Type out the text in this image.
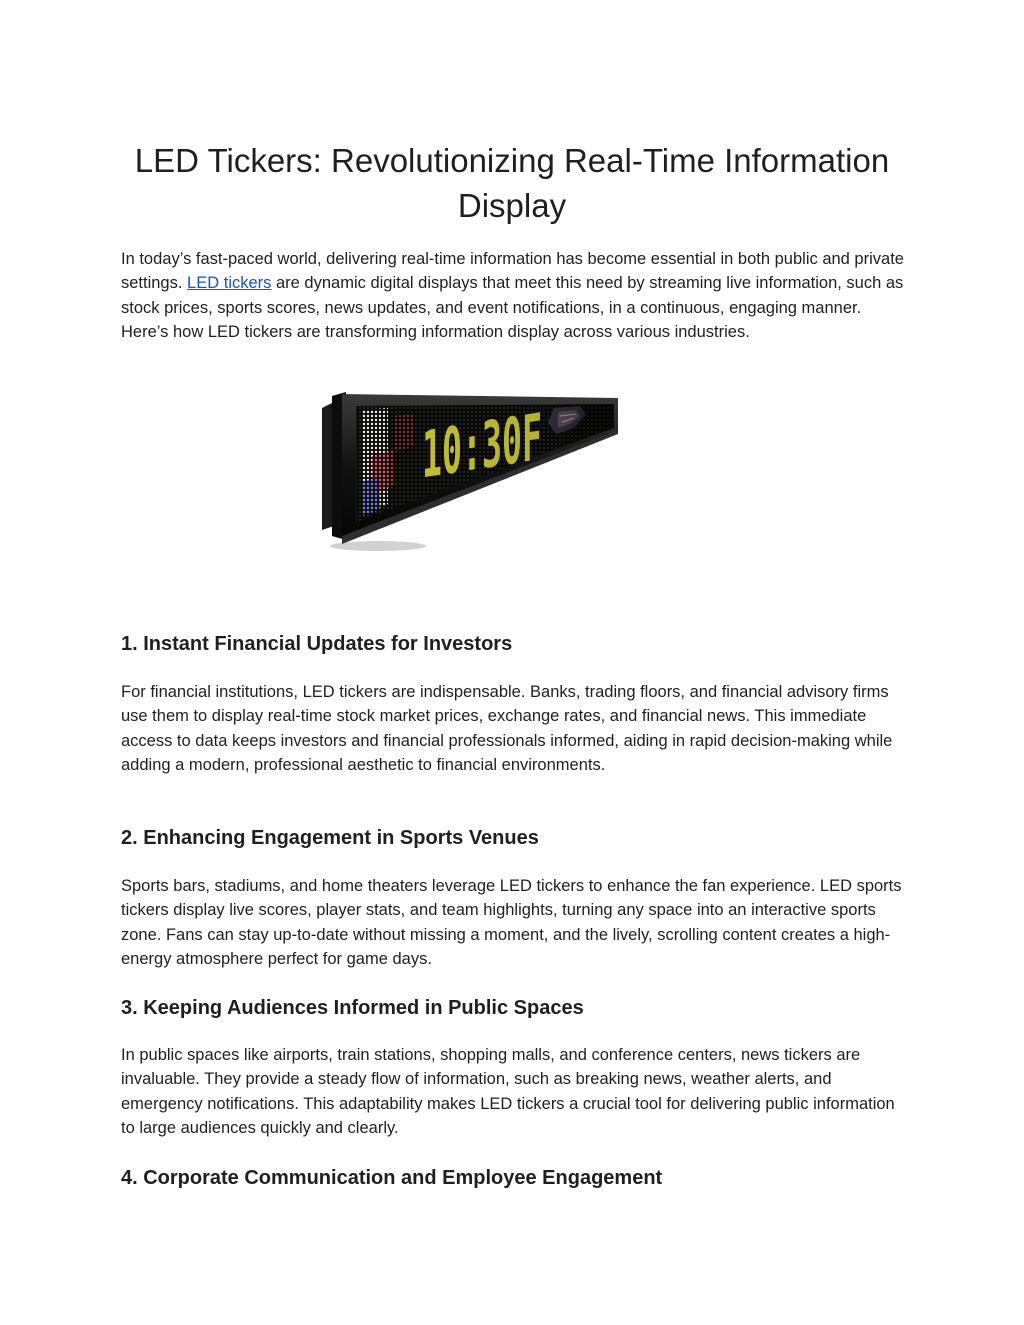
LED Tickers: Revolutionizing Real-Time Information Display

In today’s fast-paced world, delivering real-time information has become essential in both public and private settings. LED tickers are dynamic digital displays that meet this need by streaming live information, such as stock prices, sports scores, news updates, and event notifications, in a continuous, engaging manner. Here’s how LED tickers are transforming information display across various industries.

1. Instant Financial Updates for Investors

For financial institutions, LED tickers are indispensable. Banks, trading floors, and financial advisory firms use them to display real-time stock market prices, exchange rates, and financial news. This immediate access to data keeps investors and financial professionals informed, aiding in rapid decision-making while adding a modern, professional aesthetic to financial environments.

2. Enhancing Engagement in Sports Venues

Sports bars, stadiums, and home theaters leverage LED tickers to enhance the fan experience. LED sports tickers display live scores, player stats, and team highlights, turning any space into an interactive sports zone. Fans can stay up-to-date without missing a moment, and the lively, scrolling content creates a high-energy atmosphere perfect for game days.

3. Keeping Audiences Informed in Public Spaces

In public spaces like airports, train stations, shopping malls, and conference centers, news tickers are invaluable. They provide a steady flow of information, such as breaking news, weather alerts, and emergency notifications. This adaptability makes LED tickers a crucial tool for delivering public information to large audiences quickly and clearly.

4. Corporate Communication and Employee Engagement
